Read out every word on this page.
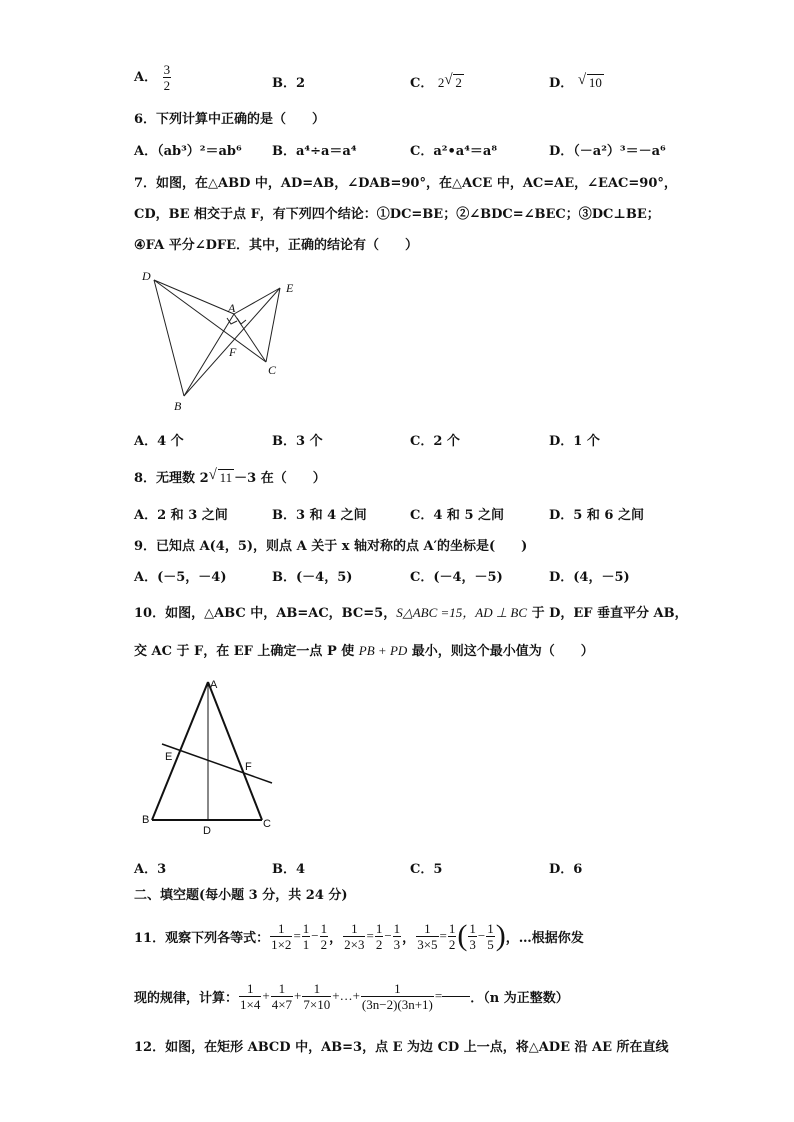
A． $\frac{3}{2}$	B．2	C． 2 √ 2	D． √ 10
6．下列计算中正确的是（　　）
A．（ab³）²＝ab⁶ B．a⁴÷a＝a⁴	C．a²•a⁴＝a⁸	D．（－a²）³＝－a⁶
7．如图，在△ABD 中，AD=AB，∠DAB=90°，在△ACE 中，AC=AE，∠EAC=90°，
CD，BE 相交于点 F，有下列四个结论：①DC=BE；②∠BDC=∠BEC；③DC⊥BE；
④FA 平分∠DFE．其中，正确的结论有（　　）
D
E
A
F
C
B
A．4 个	B．3 个	C．2 个	D．1 个
8．无理数 2 √ 11 －3 在（　　）
A．2 和 3 之间	B．3 和 4 之间	C．4 和 5 之间	D．5 和 6 之间
9．已知点 A(4，5)，则点 A 关于 x 轴对称的点 A′的坐标是(　　)
A．(－5，－4)	B．(－4，5)	C．(－4，－5)	D．(4，－5)
10．如图，△ABC 中，AB=AC，BC=5，S△ABC =15，AD ⊥ BC 于 D，EF 垂直平分 AB，
交 AC 于 F，在 EF 上确定一点 P 使 PB + PD 最小，则这个最小值为（　　）
A
E
F
B
D
C
A．3	B．4	C．5	D．6
二、填空题(每小题 3 分，共 24 分)
11．观察下列各等式： $\frac{1}{1\times 2} = \frac{1}{1} - \frac{1}{2}$ ， $\frac{1}{2\times 3} = \frac{1}{2} - \frac{1}{3}$ ， $\frac{1}{3\times 5} = \frac{1}{2}$ ( $\frac{1}{3} - \frac{1}{5}$ ) ，…根据你发
现的规律，计算： $\frac{1}{1\times 4} + \frac{1}{4\times 7} + \frac{1}{7\times 10}$ +…+ $\frac{1}{(3n-2)(3n+1)}$ = ．（n 为正整数）
12．如图，在矩形 ABCD 中，AB=3，点 E 为边 CD 上一点，将△ADE 沿 AE 所在直线
